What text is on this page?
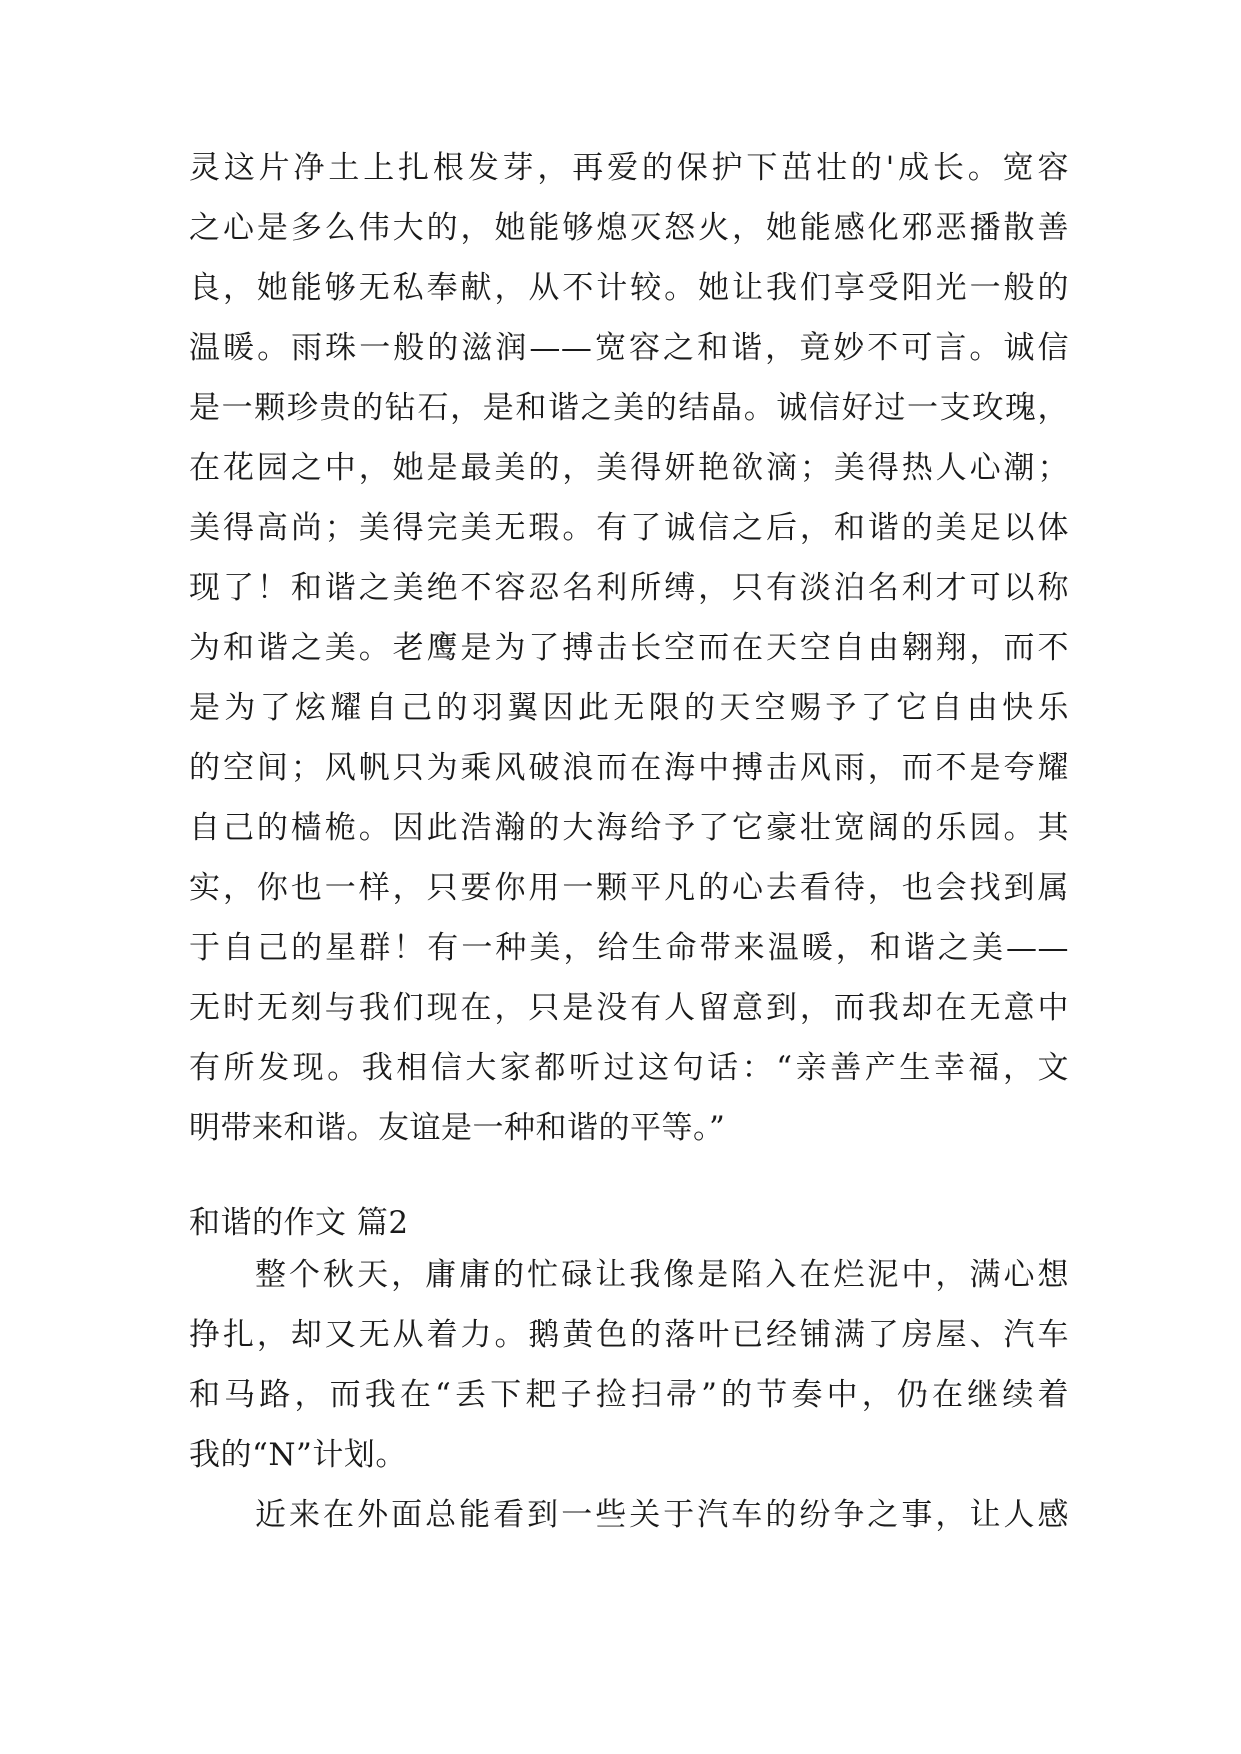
灵这片净土上扎根发芽，再爱的保护下茁壮的'成长。宽容
之心是多么伟大的，她能够熄灭怒火，她能感化邪恶播散善
良，她能够无私奉献，从不计较。她让我们享受阳光一般的
温暖。雨珠一般的滋润——宽容之和谐，竟妙不可言。诚信
是一颗珍贵的钻石，是和谐之美的结晶。诚信好过一支玫瑰，
在花园之中，她是最美的，美得妍艳欲滴；美得热人心潮；
美得高尚；美得完美无瑕。有了诚信之后，和谐的美足以体
现了！和谐之美绝不容忍名利所缚，只有淡泊名利才可以称
为和谐之美。老鹰是为了搏击长空而在天空自由翱翔，而不
是为了炫耀自己的羽翼因此无限的天空赐予了它自由快乐
的空间；风帆只为乘风破浪而在海中搏击风雨，而不是夸耀
自己的樯桅。因此浩瀚的大海给予了它豪壮宽阔的乐园。其
实，你也一样，只要你用一颗平凡的心去看待，也会找到属
于自己的星群！有一种美，给生命带来温暖，和谐之美——
无时无刻与我们现在，只是没有人留意到，而我却在无意中
有所发现。我相信大家都听过这句话：“亲善产生幸福，文
明带来和谐。友谊是一种和谐的平等。”
和谐的作文 篇2
整个秋天，庸庸的忙碌让我像是陷入在烂泥中，满心想
挣扎，却又无从着力。鹅黄色的落叶已经铺满了房屋、汽车
和马路，而我在“丢下耙子捡扫帚”的节奏中，仍在继续着
我的“N”计划。
近来在外面总能看到一些关于汽车的纷争之事，让人感
